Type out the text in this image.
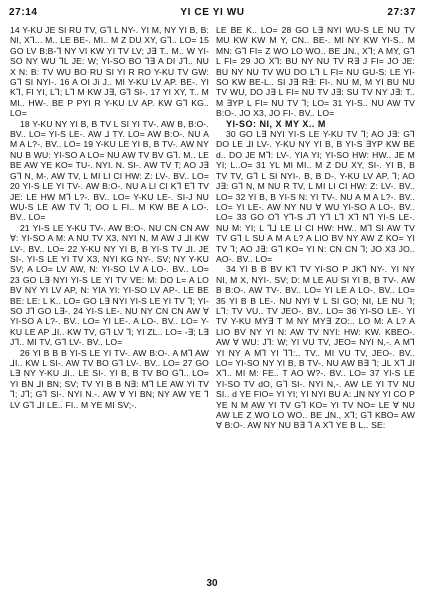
27:14	YI CE YI WU	27:37

14 Y-KU JE SI RU TV, G⅂ L NY-. YI M, NY YI B, B: NI, X⅂... M.. LE BE-. MI.. M Z DU XY, G⅂.. LO= 15 GO LV B:B-⅂ NY VI KW YI TV LV; J∃ T.. M.. W YI-SO NY WU ⅂L JE: W; YI-SO BO ⅂∃ A DI J⅂.. NU X N: B: TV WU BO RU SI YI R RO Y-KU TV GW: G⅂ SI NYI-. 16 A OI Ji J.. MI Y-KU LV AP. BE-. YI K⅂, FI YI, L⅂; L⅂ M KW J∃, G⅂ SI-. 17 YI XY, T.. M MI.. HW-. BE P PYI R Y-KU LV AP. KW G⅂ KG.. LO=

18 Y-KU NY YI B, B TV L SI YI TV-. AW B, B:O-. BV.. LO= YI-S LE-. AW ⅃ TY. LO= AW B:O-. NU A M A L?-. BV.. LO= 19 Y-KU LE YI B, B TV-. AW NY NU B WU: YI-SO A LO= NU AW TV BV G⅂. M.. LE BE AW YE KO= TU-. NYI. N. SI-. AW TV T; AO J∃ G⅂ N, M-. AW TV, L MI LI CI HW: Z: LV-. BV.. LO= 20 YI-S LE YI TV-. AW B:O-. NU A LI CI K⅂ E⅂ TV JE: LE HW M⅂ L?-. BV.. LO= Y-KU LE-. SI-J NU WU-S LE AW TV ⅂; OO L FI.. M KW BE A LO-. BV.. LO=

21 YI-S LE Y-KU TV-. AW B:O-. NU CN CN AW ∀: YI-SO A M: A NU TV X3, NYI N, M AW J ⅃I KW LV-. BV.. LO= 22 Y-KU NY YI B, B YI-S TV ⅃I. JE SI-. YI-S LE YI TV X3, NYI KG NY-. SV; NY Y-KU SV; A LO= LV AW, N: YI-SO LV A LO-. BV.. LO= 23 GO L∃ NYI YI-S LE YI TV VE: M: DO L= A LO BV NY YI LV AP, N: YIA YI: YI-SO LV AP-. LE BE BE: LE: L K.. LO= GO L∃ NYI YI-S LE YI TV ⅂; YI-SO J⅂ GO L∃-. 24 YI-S LE-. NU NY CN CN AW ∀ YI-SO A L?-. BV.. LO= YI LE-. A LO-. BV.. LO= Y-KU LE AP ⅃I.. KW TV, G⅂ LV ⅂; YI ZL.. LO= -∃; L∃ J⅂.. MI TV, G⅂ LV-. BV.. LO=

26 YI B B B YI-S LE YI TV-. AW B:O-. A M⅂ AW ⅃I.. KW L SI-. AW TV BO G⅂ LV-. BV.. LO= 27 GO L∃ NY Y-KU ⅃I.. LE SI-. YI B, B TV BO G⅂.. LO= YI BN ⅃I BN; SV; TV YI B B N∃: M⅂ LE AW YI TV ⅂; J⅂; G⅂ SI-. NYI N.-. AW ∀ YI BN; NY AW YE ⅂ LV G⅂ ⅃I LE.. FI.. M YE MI SV;-.

LE BE K.. LO= 28 GO L∃ NYI WU-S LE NU TV MU KW KW M Y, CN.. BE-. MI NY KW YI-S.. M MN: G⅂ FI= Z WO LO WO.. BE ⅃N., X⅂; A MY, G⅂ L FI= 29 JO X⅂: BU NY NU TV R∃ J FI= JO JE: BU NY NU TV WU DO L⅂ L FI= NU GU-S: LE YI-SO KW BE-L.. SI J∃ R∃: FI-. NU M, M YI BU NU TV WU, DO J∃ L FI= NU TV J∃: SU TV NY J∃: T.. M ∃YP L FI= NU TV ⅂; LO= 31 YI-S.. NU AW TV B:O-. JO X3, JO FI-. BV.. LO=

YI-SO: NI, X MY X.. M

30 GO L∃ NYI YI-S LE Y-KU TV ⅂; AO J∃: G⅂ DO LE ⅃I LV-. Y-KU NY YI B, B YI-S ∃YP KW BE d.. DO JE M⅂: LV-. YIA YI; YI-SO HW: HW.. JE M YI; L..O= 31 YL MI MI.. M Z DU XY, SI-. YI B, B TV TV, G⅂ L SI NYI-. B, B D-. Y-KU LV AP. ⅂; AO J∃: G⅂ N, M NU R TV, L MI LI CI HW: Z: LV-. BV.. LO= 32 YI B, B YI-S N: YI TV-. NU A M A L?-. BV.. LO= YI LE-. AW NY NU ∀ WU YI-SO A LO-. BV.. LO= 33 GO O⅂ Y⅂-S J⅂ Y⅂ L⅂ X⅂ N⅂ YI-S LE-. NU M: YI; L ⅂⅃ LE LI CI HW: HW.. M⅂ SI AW TV TV G⅂ L SU A M A L? A LIO BV NY AW Z KO= YI TV ⅂; AO J∃: G⅂ KO= YI N: CN CN ⅂; JO X3 JO.. AO-. BV.. LO=

34 YI B B BV K⅂ TV YI-SO P JK⅂ NY-. YI NY NI, M X, NYI-. SV; D: M LE AU SI YI B, B TV-. AW B B:O-. AW TV-. BV.. LO= YI LE A LO-. BV.. LO= 35 YI B B LE-. NU NYI ∀ L SI GO; NI, LE NU ⅂; L⅂: TV VU.. TV JEO-. BV.. LO= 36 YI-SO LE-. YI TV Y-KU MY∃ T M NY MY∃ ZO:.. LO M: A L? A LIO BV NY YI N: AW TV NYI: HW: KW. KBEO-. AW ∀ WU: J⅂: W; YI VU TV, JEO= NYI N,-. A M⅂ YI NY A M⅂ YI ⅂⅂:.. TV.. MI VU TV, JEO-. BV.. LO= YI-SO NY YI B, B TV-. NU AW B∃ ⅂; ⅃L X⅂ ⅃I X⅂.. MI M: FE.. T AO W?-. BV.. LO= 37 YI-S LE YI-SO TV dO, G⅂ SI-. NYI N,-. AW LE YI TV NU SI.. d YE FIO= YI YI; YI NYI BU A: ⅃N NY YI CO P YE N M AW YI TV G⅂ KO= YI TV NO= LE ∀ NU AW LE Z WO LO WO.. BE ⅃N., X⅂; G⅂ KBO= AW ∀ B:O-. AW NY NU B∃ ⅂ A X⅂ YE B L.. SE:

30
